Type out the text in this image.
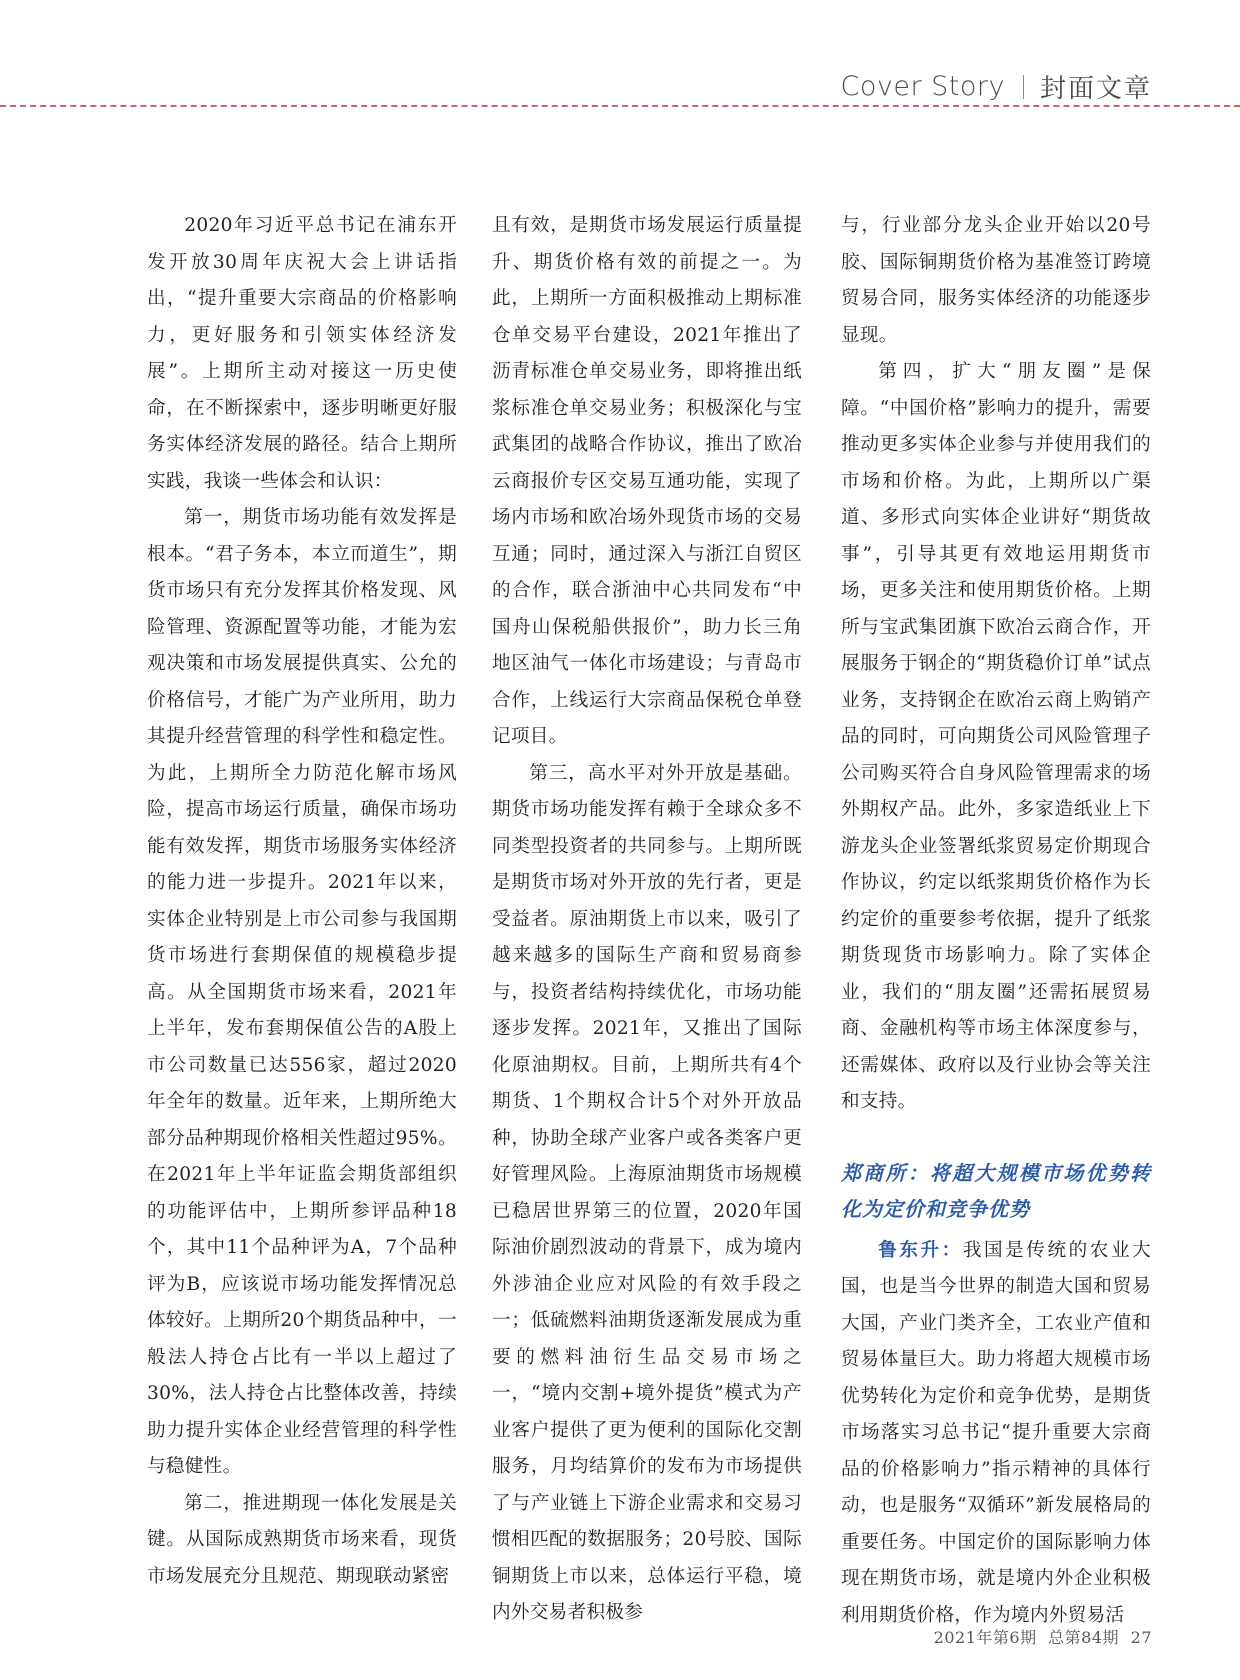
Cover Story 封面文章

2020年习近平总书记在浦东开发开放30周年庆祝大会上讲话指出，“提升重要大宗商品的价格影响力，更好服务和引领实体经济发展”。上期所主动对接这一历史使命，在不断探索中，逐步明晰更好服务实体经济发展的路径。结合上期所实践，我谈一些体会和认识：

第一，期货市场功能有效发挥是根本。“君子务本，本立而道生”，期货市场只有充分发挥其价格发现、风险管理、资源配置等功能，才能为宏观决策和市场发展提供真实、公允的价格信号，才能广为产业所用，助力其提升经营管理的科学性和稳定性。为此，上期所全力防范化解市场风险，提高市场运行质量，确保市场功能有效发挥，期货市场服务实体经济的能力进一步提升。2021年以来，实体企业特别是上市公司参与我国期货市场进行套期保值的规模稳步提高。从全国期货市场来看，2021年上半年，发布套期保值公告的A股上市公司数量已达556家，超过2020年全年的数量。近年来，上期所绝大部分品种期现价格相关性超过95%。在2021年上半年证监会期货部组织的功能评估中，上期所参评品种18个，其中11个品种评为A，7个品种评为B，应该说市场功能发挥情况总体较好。上期所20个期货品种中，一般法人持仓占比有一半以上超过了30%，法人持仓占比整体改善，持续助力提升实体企业经营管理的科学性与稳健性。

第二，推进期现一体化发展是关键。从国际成熟期货市场来看，现货市场发展充分且规范、期现联动紧密

且有效，是期货市场发展运行质量提升、期货价格有效的前提之一。为此，上期所一方面积极推动上期标准仓单交易平台建设，2021年推出了沥青标准仓单交易业务，即将推出纸浆标准仓单交易业务；积极深化与宝武集团的战略合作协议，推出了欧冶云商报价专区交易互通功能，实现了场内市场和欧冶场外现货市场的交易互通；同时，通过深入与浙江自贸区的合作，联合浙油中心共同发布“中国舟山保税船供报价”，助力长三角地区油气一体化市场建设；与青岛市合作，上线运行大宗商品保税仓单登记项目。

第三，高水平对外开放是基础。期货市场功能发挥有赖于全球众多不同类型投资者的共同参与。上期所既是期货市场对外开放的先行者，更是受益者。原油期货上市以来，吸引了越来越多的国际生产商和贸易商参与，投资者结构持续优化，市场功能逐步发挥。2021年，又推出了国际化原油期权。目前，上期所共有4个期货、1个期权合计5个对外开放品种，协助全球产业客户或各类客户更好管理风险。上海原油期货市场规模已稳居世界第三的位置，2020年国际油价剧烈波动的背景下，成为境内外涉油企业应对风险的有效手段之一；低硫燃料油期货逐渐发展成为重要的燃料油衍生品交易市场之一，“境内交割+境外提货”模式为产业客户提供了更为便利的国际化交割服务，月均结算价的发布为市场提供了与产业链上下游企业需求和交易习惯相匹配的数据服务；20号胶、国际铜期货上市以来，总体运行平稳，境内外交易者积极参

与，行业部分龙头企业开始以20号胶、国际铜期货价格为基准签订跨境贸易合同，服务实体经济的功能逐步显现。

第四，扩大“朋友圈”是保障。“中国价格”影响力的提升，需要推动更多实体企业参与并使用我们的市场和价格。为此，上期所以广渠道、多形式向实体企业讲好“期货故事”，引导其更有效地运用期货市场，更多关注和使用期货价格。上期所与宝武集团旗下欧冶云商合作，开展服务于钢企的“期货稳价订单”试点业务，支持钢企在欧冶云商上购销产品的同时，可向期货公司风险管理子公司购买符合自身风险管理需求的场外期权产品。此外，多家造纸业上下游龙头企业签署纸浆贸易定价期现合作协议，约定以纸浆期货价格作为长约定价的重要参考依据，提升了纸浆期货现货市场影响力。除了实体企业，我们的“朋友圈”还需拓展贸易商、金融机构等市场主体深度参与，还需媒体、政府以及行业协会等关注和支持。

郑商所：将超大规模市场优势转化为定价和竞争优势

鲁东升：我国是传统的农业大国，也是当今世界的制造大国和贸易大国，产业门类齐全，工农业产值和贸易体量巨大。助力将超大规模市场优势转化为定价和竞争优势，是期货市场落实习总书记“提升重要大宗商品的价格影响力”指示精神的具体行动，也是服务“双循环”新发展格局的重要任务。中国定价的国际影响力体现在期货市场，就是境内外企业积极利用期货价格，作为境内外贸易活

2021年第6期 总第84期 27
